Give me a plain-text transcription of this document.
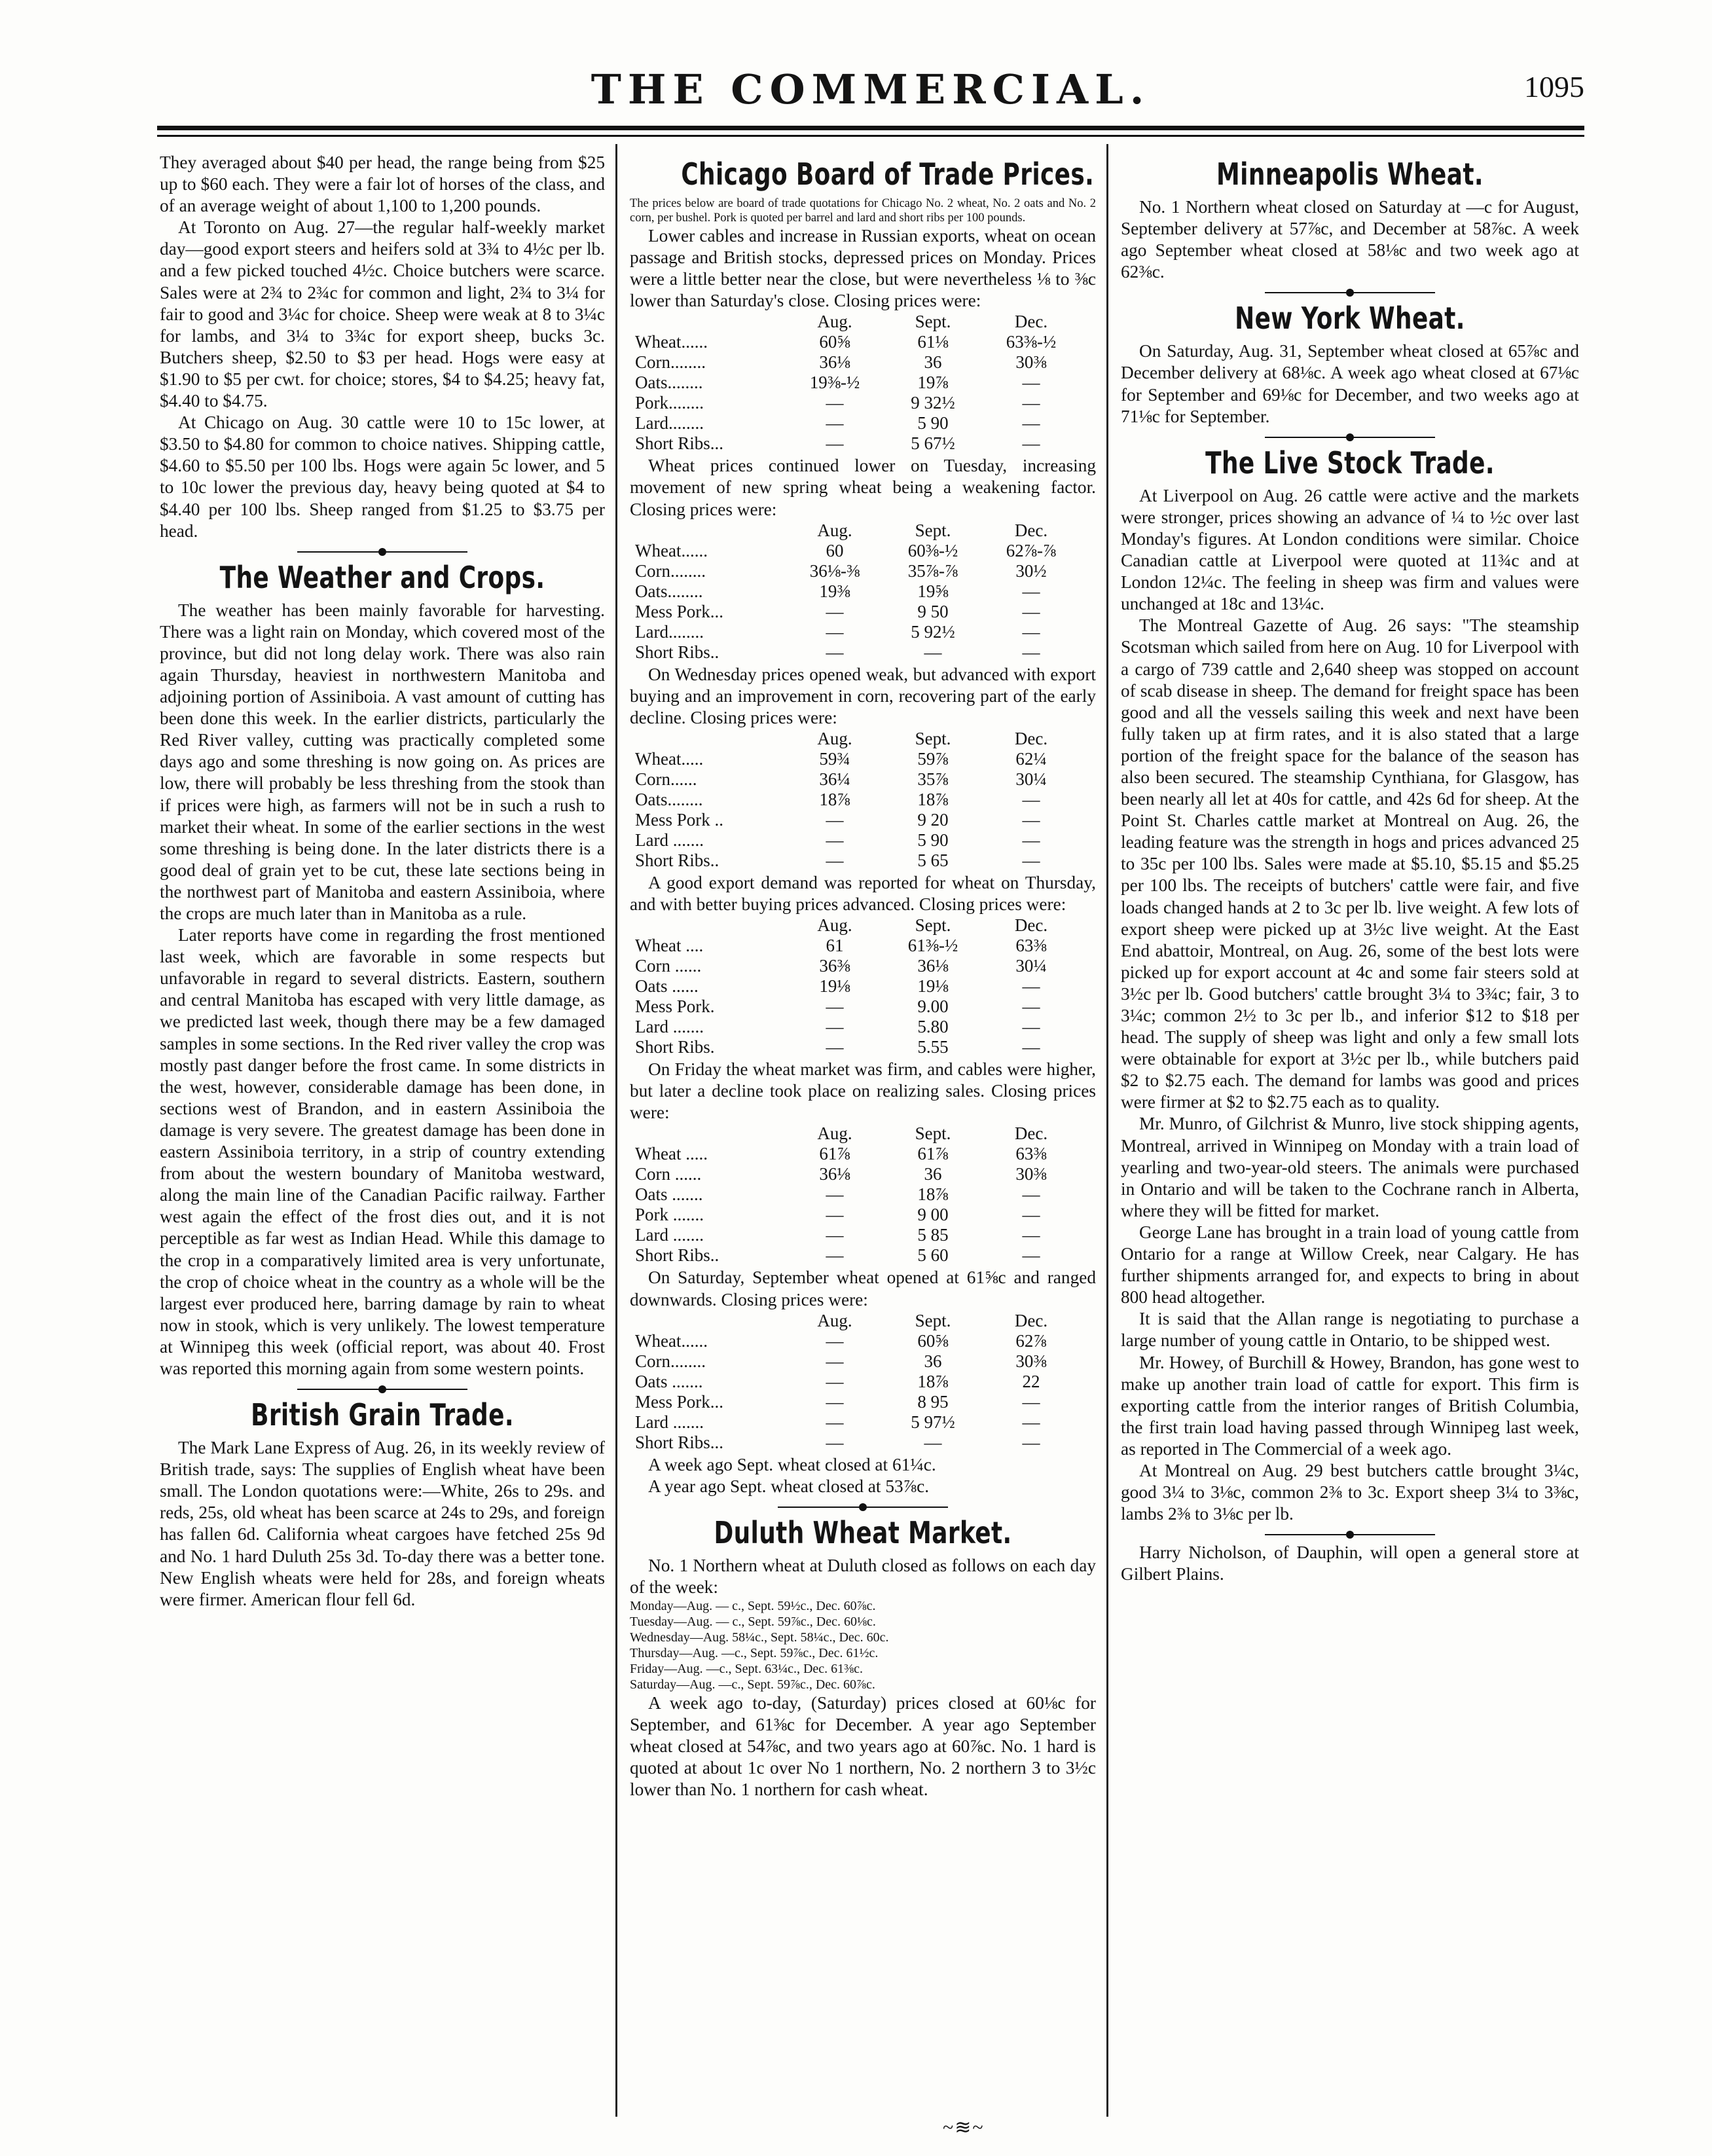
THE COMMERCIAL.	1095

They averaged about $40 per head, the range being from $25 up to $60 each. They were a fair lot of horses of the class, and of an average weight of about 1,100 to 1,200 pounds.

At Toronto on Aug. 27—the regular half-weekly market day—good export steers and heifers sold at 3¾ to 4½c per lb. and a few picked touched 4½c. Choice butchers were scarce. Sales were at 2¾ to 2¾c for common and light, 2¾ to 3¼ for fair to good and 3¼c for choice. Sheep were weak at 8 to 3¼c for lambs, and 3¼ to 3¾c for export sheep, bucks 3c. Butchers sheep, $2.50 to $3 per head. Hogs were easy at $1.90 to $5 per cwt. for choice; stores, $4 to $4.25; heavy fat, $4.40 to $4.75.

At Chicago on Aug. 30 cattle were 10 to 15c lower, at $3.50 to $4.80 for common to choice natives. Shipping cattle, $4.60 to $5.50 per 100 lbs. Hogs were again 5c lower, and 5 to 10c lower the previous day, heavy being quoted at $4 to $4.40 per 100 lbs. Sheep ranged from $1.25 to $3.75 per head.

The Weather and Crops.

The weather has been mainly favorable for harvesting. There was a light rain on Monday, which covered most of the province, but did not long delay work. There was also rain again Thursday, heaviest in northwestern Manitoba and adjoining portion of Assiniboia. A vast amount of cutting has been done this week. In the earlier districts, particularly the Red River valley, cutting was practically completed some days ago and some threshing is now going on. As prices are low, there will probably be less threshing from the stook than if prices were high, as farmers will not be in such a rush to market their wheat. In some of the earlier sections in the west some threshing is being done. In the later districts there is a good deal of grain yet to be cut, these late sections being in the northwest part of Manitoba and eastern Assiniboia, where the crops are much later than in Manitoba as a rule.

Later reports have come in regarding the frost mentioned last week, which are favorable in some respects but unfavorable in regard to several districts. Eastern, southern and central Manitoba has escaped with very little damage, as we predicted last week, though there may be a few damaged samples in some sections. In the Red river valley the crop was mostly past danger before the frost came. In some districts in the west, however, considerable damage has been done, in sections west of Brandon, and in eastern Assiniboia the damage is very severe. The greatest damage has been done in eastern Assiniboia territory, in a strip of country extending from about the western boundary of Manitoba westward, along the main line of the Canadian Pacific railway. Farther west again the effect of the frost dies out, and it is not perceptible as far west as Indian Head. While this damage to the crop in a comparatively limited area is very unfortunate, the crop of choice wheat in the country as a whole will be the largest ever produced here, barring damage by rain to wheat now in stook, which is very unlikely. The lowest temperature at Winnipeg this week (official report, was about 40. Frost was reported this morning again from some western points.

British Grain Trade.

The Mark Lane Express of Aug. 26, in its weekly review of British trade, says: The supplies of English wheat have been small. The London quotations were:—White, 26s to 29s. and reds, 25s, old wheat has been scarce at 24s to 29s, and foreign has fallen 6d. California wheat cargoes have fetched 25s 9d and No. 1 hard Duluth 25s 3d. To-day there was a better tone. New English wheats were held for 28s, and foreign wheats were firmer. American flour fell 6d.

Chicago Board of Trade Prices.

The prices below are board of trade quotations for Chicago No. 2 wheat, No. 2 oats and No. 2 corn, per bushel. Pork is quoted per barrel and lard and short ribs per 100 pounds.

Lower cables and increase in Russian exports, wheat on ocean passage and British stocks, depressed prices on Monday. Prices were a little better near the close, but were nevertheless ⅛ to ⅜c lower than Saturday's close. Closing prices were:

	Aug.	Sept.	Dec.
Wheat......	60⅝	61⅛	63⅜-½
Corn........	36⅛	36	30⅜
Oats........	19⅜-½	19⅞	—
Pork........	—	9 32½	—
Lard........	—	5 90	—
Short Ribs...	—	5 67½	—

Wheat prices continued lower on Tuesday, increasing movement of new spring wheat being a weakening factor. Closing prices were:

	Aug.	Sept.	Dec.
Wheat......	60	60⅜-½	62⅞-⅞
Corn........	36⅛-⅜	35⅞-⅞	30½
Oats........	19⅜	19⅝	—
Mess Pork...	—	9 50	—
Lard........	—	5 92½	—
Short Ribs..	—	—	—

On Wednesday prices opened weak, but advanced with export buying and an improvement in corn, recovering part of the early decline. Closing prices were:

	Aug.	Sept.	Dec.
Wheat.....	59¾	59⅞	62¼
Corn......	36¼	35⅞	30¼
Oats........	18⅞	18⅞	—
Mess Pork ..	—	9 20	—
Lard .......	—	5 90	—
Short Ribs..	—	5 65	—

A good export demand was reported for wheat on Thursday, and with better buying prices advanced. Closing prices were:

	Aug.	Sept.	Dec.
Wheat ....	61	61⅜-½	63⅜
Corn ......	36⅜	36⅛	30¼
Oats ......	19⅛	19⅛	—
Mess Pork.	—	9.00	—
Lard .......	—	5.80	—
Short Ribs.	—	5.55	—

On Friday the wheat market was firm, and cables were higher, but later a decline took place on realizing sales. Closing prices were:

	Aug.	Sept.	Dec.
Wheat .....	61⅞	61⅞	63⅜
Corn ......	36⅛	36	30⅜
Oats .......	—	18⅞	—
Pork .......	—	9 00	—
Lard .......	—	5 85	—
Short Ribs..	—	5 60	—

On Saturday, September wheat opened at 61⅝c and ranged downwards. Closing prices were:

	Aug.	Sept.	Dec.
Wheat......	—	60⅝	62⅞
Corn........	—	36	30⅜
Oats .......	—	18⅞	22
Mess Pork...	—	8 95	—
Lard .......	—	5 97½	—
Short Ribs...	—	—	—

A week ago Sept. wheat closed at 61¼c.

A year ago Sept. wheat closed at 53⅞c.

Duluth Wheat Market.

No. 1 Northern wheat at Duluth closed as follows on each day of the week:

Monday—Aug. — c., Sept. 59½c., Dec. 60⅞c.

Tuesday—Aug. — c., Sept. 59⅞c., Dec. 60⅛c.

Wednesday—Aug. 58¼c., Sept. 58¼c., Dec. 60c.

Thursday—Aug. —c., Sept. 59⅞c., Dec. 61½c.

Friday—Aug. —c., Sept. 63¼c., Dec. 61⅜c.

Saturday—Aug. —c., Sept. 59⅞c., Dec. 60⅞c.

A week ago to-day, (Saturday) prices closed at 60⅛c for September, and 61⅜c for December. A year ago September wheat closed at 54⅞c, and two years ago at 60⅞c. No. 1 hard is quoted at about 1c over No 1 northern, No. 2 northern 3 to 3½c lower than No. 1 northern for cash wheat.

Minneapolis Wheat.

No. 1 Northern wheat closed on Saturday at —c for August, September delivery at 57⅞c, and December at 58⅞c. A week ago September wheat closed at 58⅛c and two week ago at 62⅜c.

New York Wheat.

On Saturday, Aug. 31, September wheat closed at 65⅞c and December delivery at 68⅛c. A week ago wheat closed at 67⅛c for September and 69⅛c for December, and two weeks ago at 71⅛c for September.

The Live Stock Trade.

At Liverpool on Aug. 26 cattle were active and the markets were stronger, prices showing an advance of ¼ to ½c over last Monday's figures. At London conditions were similar. Choice Canadian cattle at Liverpool were quoted at 11¾c and at London 12¼c. The feeling in sheep was firm and values were unchanged at 18c and 13¼c.

The Montreal Gazette of Aug. 26 says: "The steamship Scotsman which sailed from here on Aug. 10 for Liverpool with a cargo of 739 cattle and 2,640 sheep was stopped on account of scab disease in sheep. The demand for freight space has been good and all the vessels sailing this week and next have been fully taken up at firm rates, and it is also stated that a large portion of the freight space for the balance of the season has also been secured. The steamship Cynthiana, for Glasgow, has been nearly all let at 40s for cattle, and 42s 6d for sheep. At the Point St. Charles cattle market at Montreal on Aug. 26, the leading feature was the strength in hogs and prices advanced 25 to 35c per 100 lbs. Sales were made at $5.10, $5.15 and $5.25 per 100 lbs. The receipts of butchers' cattle were fair, and five loads changed hands at 2 to 3c per lb. live weight. A few lots of export sheep were picked up at 3½c live weight. At the East End abattoir, Montreal, on Aug. 26, some of the best lots were picked up for export account at 4c and some fair steers sold at 3½c per lb. Good butchers' cattle brought 3¼ to 3¾c; fair, 3 to 3¼c; common 2½ to 3c per lb., and inferior $12 to $18 per head. The supply of sheep was light and only a few small lots were obtainable for export at 3½c per lb., while butchers paid $2 to $2.75 each. The demand for lambs was good and prices were firmer at $2 to $2.75 each as to quality.

Mr. Munro, of Gilchrist & Munro, live stock shipping agents, Montreal, arrived in Winnipeg on Monday with a train load of yearling and two-year-old steers. The animals were purchased in Ontario and will be taken to the Cochrane ranch in Alberta, where they will be fitted for market.

George Lane has brought in a train load of young cattle from Ontario for a range at Willow Creek, near Calgary. He has further shipments arranged for, and expects to bring in about 800 head altogether.

It is said that the Allan range is negotiating to purchase a large number of young cattle in Ontario, to be shipped west.

Mr. Howey, of Burchill & Howey, Brandon, has gone west to make up another train load of cattle for export. This firm is exporting cattle from the interior ranges of British Columbia, the first train load having passed through Winnipeg last week, as reported in The Commercial of a week ago.

At Montreal on Aug. 29 best butchers cattle brought 3¼c, good 3¼ to 3⅛c, common 2⅜ to 3c. Export sheep 3¼ to 3⅜c, lambs 2⅜ to 3⅛c per lb.

Harry Nicholson, of Dauphin, will open a general store at Gilbert Plains.

~≋~
